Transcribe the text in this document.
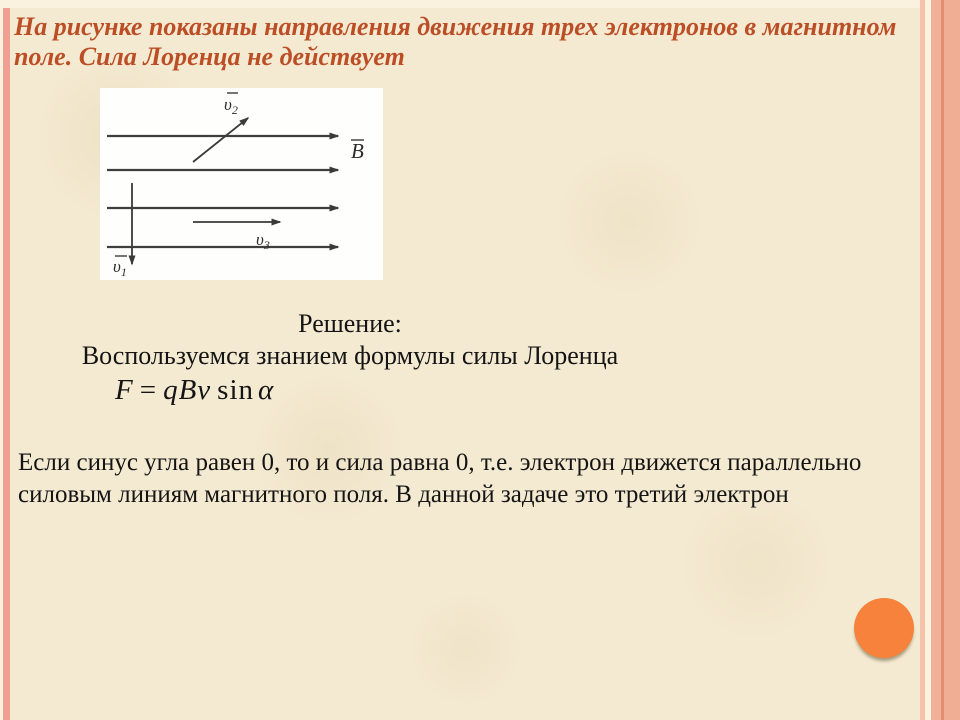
На рисунке показаны направления движения трех электронов в магнитном
поле. Сила Лоренца не действует
B
$\upsilon_2$
$\upsilon_1$
$\upsilon_3$
Решение:
Воспользуемся знанием формулы силы Лоренца
F = qBv sin α
Если синус угла равен 0, то и сила равна 0, т.е. электрон движется параллельно
силовым линиям магнитного поля. В данной задаче это третий электрон
